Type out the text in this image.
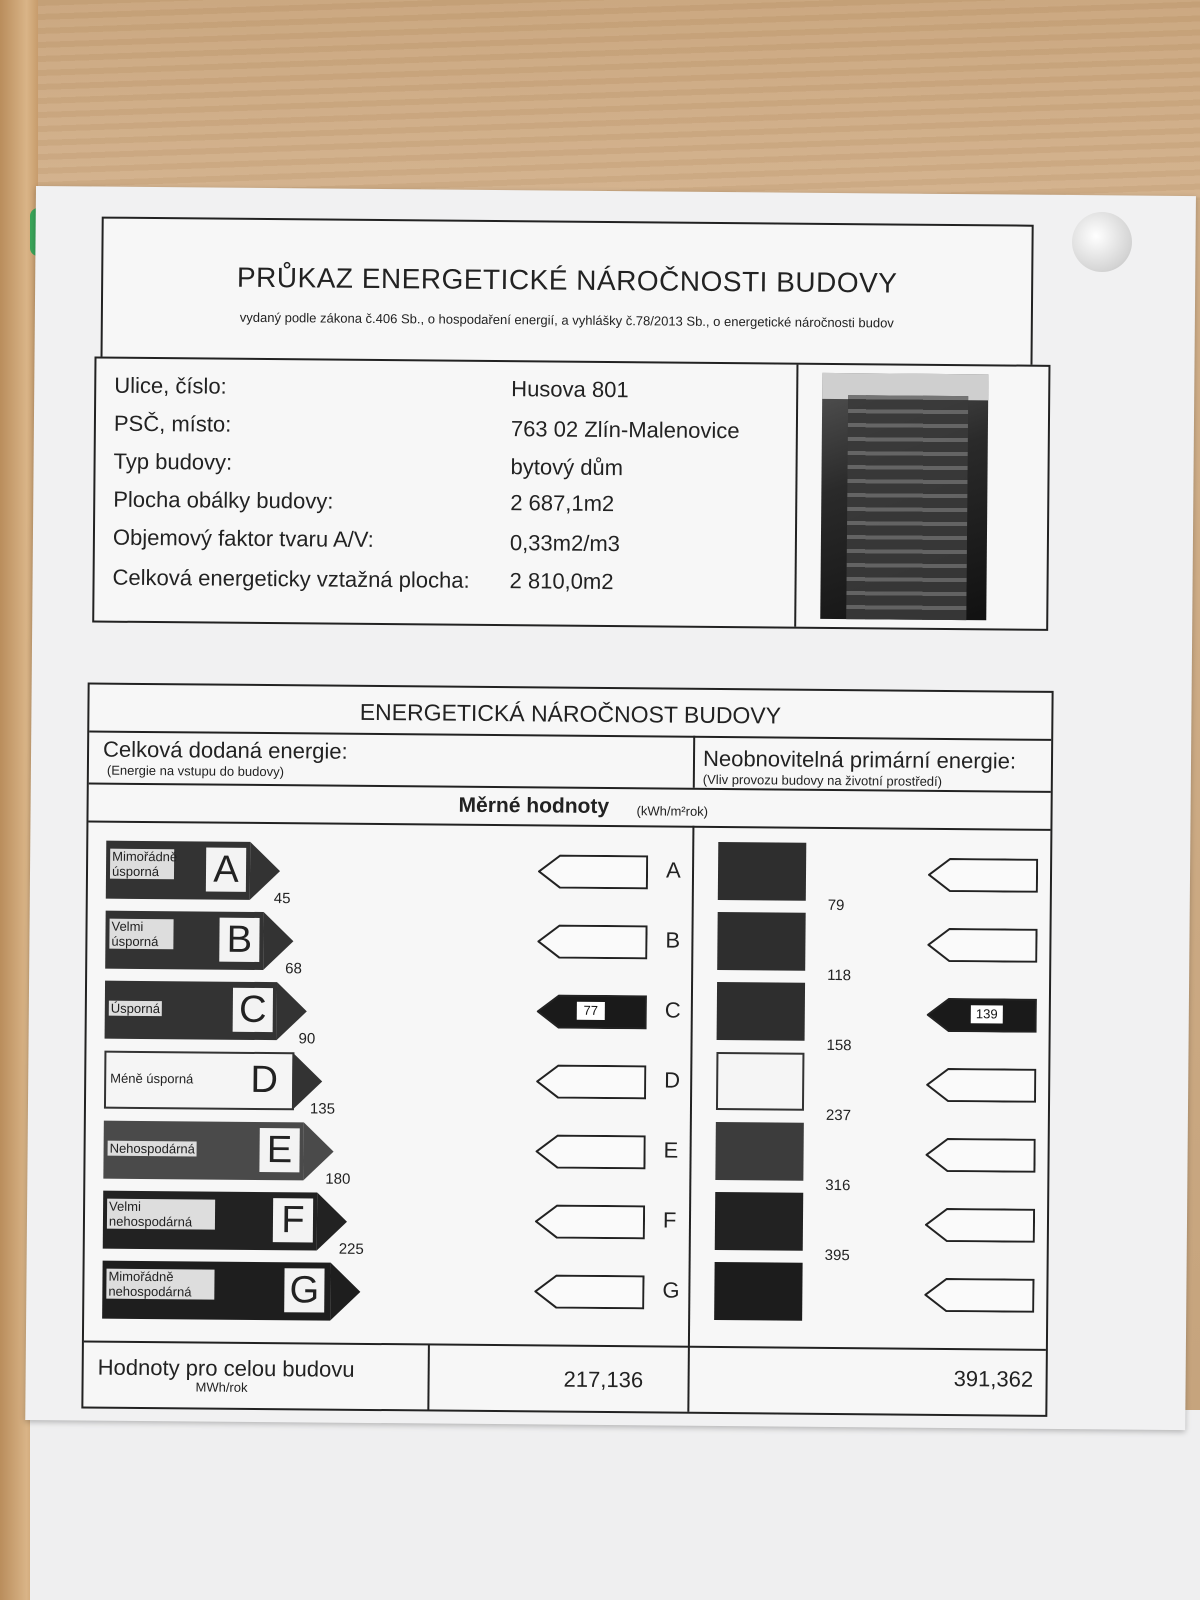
PRŮKAZ ENERGETICKÉ NÁROČNOSTI BUDOVY
vydaný podle zákona č.406 Sb., o hospodaření energií, a vyhlášky č.78/2013 Sb., o energetické náročnosti budov
Ulice, číslo:	Husova 801
PSČ, místo:	763 02 Zlín-Malenovice
Typ budovy:	bytový dům
Plocha obálky budovy:	2 687,1m2
Objemový faktor tvaru A/V:	0,33m2/m3
Celková energeticky vztažná plocha: 2 810,0m2
ENERGETICKÁ NÁROČNOST BUDOVY
Celková dodaná energie:
(Energie na vstupu do budovy)	Neobnovitelná primární energie:
(Vliv provozu budovy na životní prostředí)
Měrné hodnoty (kWh/m²rok)
Mimořádně úsporná	A
45
Velmi úsporná	B
68
Úsporná C
90
Méně úsporná D
135
Nehospodárná E
180
Velmi nehospodárná	F
225
Mimořádně nehospodárná	G
A
B
77	C
D
E
F
G
79
118
158
237
316
395
139
Hodnoty pro celou budovu
MWh/rok	217,136	391,362
